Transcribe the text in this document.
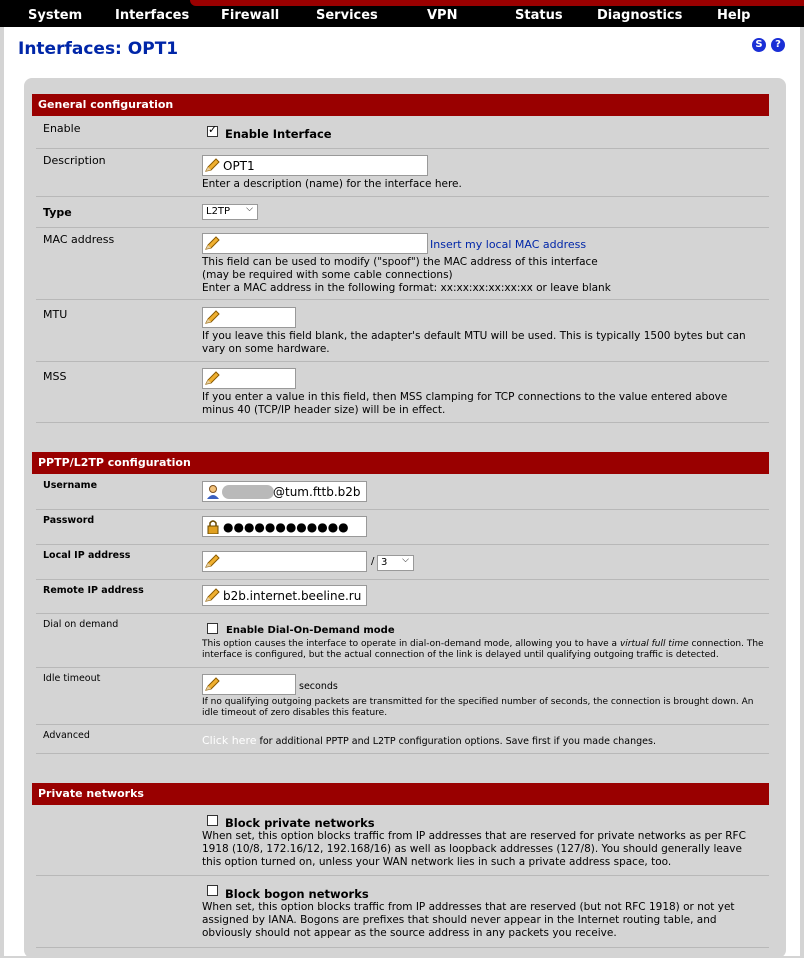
System	Interfaces Firewall	Services	VPN	Status	Diagnostics	Help
Interfaces: OPT1	S	?
General configuration
Enable
✓	Enable Interface
Description	OPT1
Enter a description (name) for the interface here.
Type	L2TP ⌵
MAC address	Insert my local MAC address
This field can be used to modify ("spoof") the MAC address of this interface
(may be required with some cable connections)
Enter a MAC address in the following format: xx:xx:xx:xx:xx:xx or leave blank
MTU
If you leave this field blank, the adapter's default MTU will be used. This is typically 1500 bytes but can vary on some hardware.
MSS
If you enter a value in this field, then MSS clamping for TCP connections to the value entered above minus 40 (TCP/IP header size) will be in effect.
PPTP/L2TP configuration
Username	@tum.fttb.b2b
Password	●●●●●●●●●●●●
Local IP address
/ 3 ⌵
Remote IP address	b2b.internet.beeline.ru
Dial on demand
Enable Dial-On-Demand mode
This option causes the interface to operate in dial-on-demand mode, allowing you to have a virtual full time connection. The interface is configured, but the actual connection of the link is delayed until qualifying outgoing traffic is detected.
Idle timeout
seconds
If no qualifying outgoing packets are transmitted for the specified number of seconds, the connection is brought down. An idle timeout of zero disables this feature.
Advanced	Click here for additional PPTP and L2TP configuration options. Save first if you made changes.
Private networks
Block private networks
When set, this option blocks traffic from IP addresses that are reserved for private networks as per RFC 1918 (10/8, 172.16/12, 192.168/16) as well as loopback addresses (127/8). You should generally leave this option turned on, unless your WAN network lies in such a private address space, too.
Block bogon networks
When set, this option blocks traffic from IP addresses that are reserved (but not RFC 1918) or not yet assigned by IANA. Bogons are prefixes that should never appear in the Internet routing table, and obviously should not appear as the source address in any packets you receive.
